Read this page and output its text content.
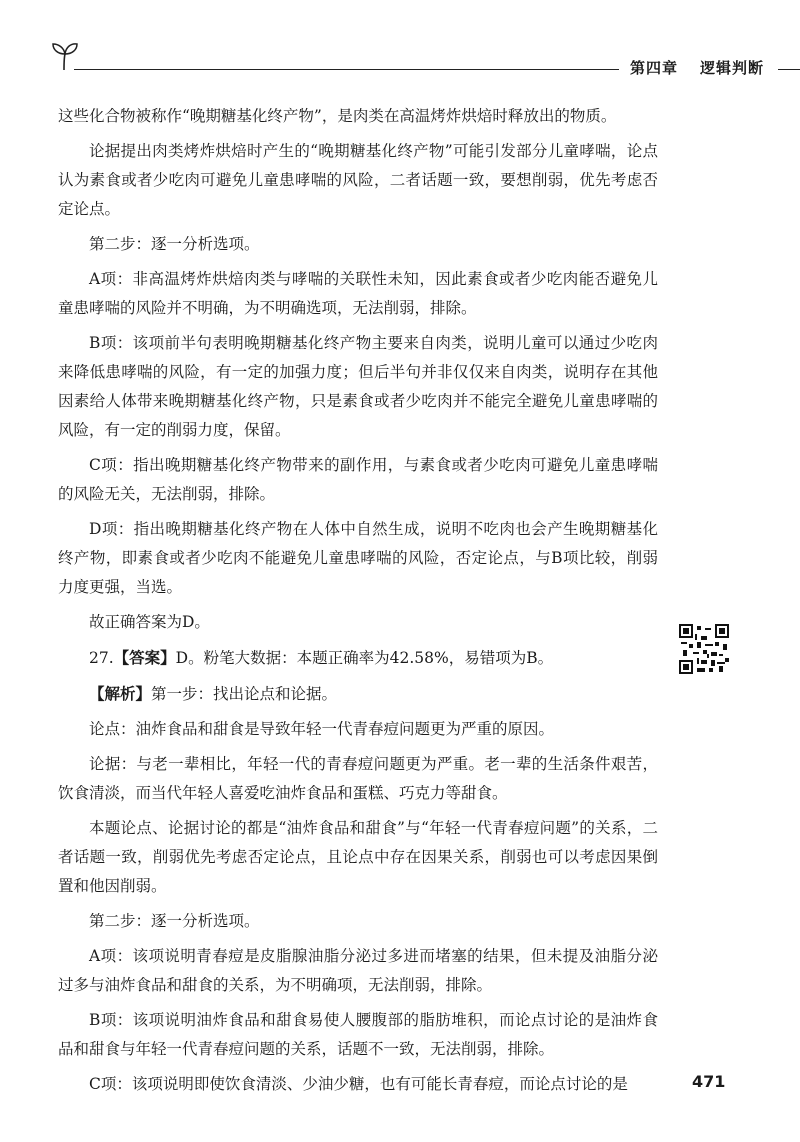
第四章 逻辑判断

这些化合物被称作“晚期糖基化终产物”，是肉类在高温烤炸烘焙时释放出的物质。

论据提出肉类烤炸烘焙时产生的“晚期糖基化终产物”可能引发部分儿童哮喘，论点认为素食或者少吃肉可避免儿童患哮喘的风险，二者话题一致，要想削弱，优先考虑否定论点。

第二步：逐一分析选项。

A项：非高温烤炸烘焙肉类与哮喘的关联性未知，因此素食或者少吃肉能否避免儿童患哮喘的风险并不明确，为不明确选项，无法削弱，排除。

B项：该项前半句表明晚期糖基化终产物主要来自肉类，说明儿童可以通过少吃肉来降低患哮喘的风险，有一定的加强力度；但后半句并非仅仅来自肉类，说明存在其他因素给人体带来晚期糖基化终产物，只是素食或者少吃肉并不能完全避免儿童患哮喘的风险，有一定的削弱力度，保留。

C项：指出晚期糖基化终产物带来的副作用，与素食或者少吃肉可避免儿童患哮喘的风险无关，无法削弱，排除。

D项：指出晚期糖基化终产物在人体中自然生成，说明不吃肉也会产生晚期糖基化终产物，即素食或者少吃肉不能避免儿童患哮喘的风险，否定论点，与B项比较，削弱力度更强，当选。

故正确答案为D。

27.【答案】D。粉笔大数据：本题正确率为42.58%，易错项为B。

【解析】第一步：找出论点和论据。

论点：油炸食品和甜食是导致年轻一代青春痘问题更为严重的原因。

论据：与老一辈相比，年轻一代的青春痘问题更为严重。老一辈的生活条件艰苦，饮食清淡，而当代年轻人喜爱吃油炸食品和蛋糕、巧克力等甜食。

本题论点、论据讨论的都是“油炸食品和甜食”与“年轻一代青春痘问题”的关系，二者话题一致，削弱优先考虑否定论点，且论点中存在因果关系，削弱也可以考虑因果倒置和他因削弱。

第二步：逐一分析选项。

A项：该项说明青春痘是皮脂腺油脂分泌过多进而堵塞的结果，但未提及油脂分泌过多与油炸食品和甜食的关系，为不明确项，无法削弱，排除。

B项：该项说明油炸食品和甜食易使人腰腹部的脂肪堆积，而论点讨论的是油炸食品和甜食与年轻一代青春痘问题的关系，话题不一致，无法削弱，排除。

C项：该项说明即使饮食清淡、少油少糖，也有可能长青春痘，而论点讨论的是	471
